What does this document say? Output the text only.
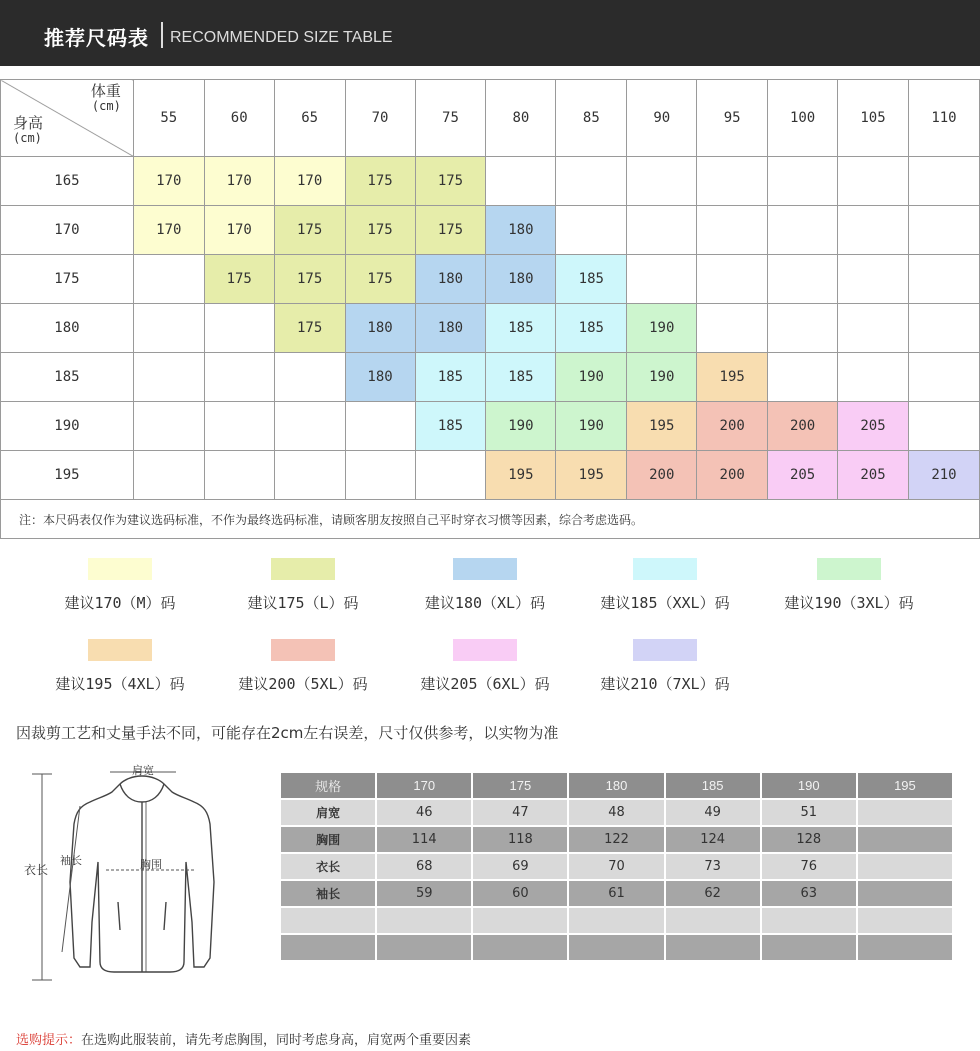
推荐尺码表 RECOMMENDED SIZE TABLE
体重
(cm)
身高
(cm)	55	60	65	70	75	80	85	90	95	100	105	110
165	170	170	170	175	175							
170	170	170	175	175	175	180						
175		175	175	175	180	180	185					
180			175	180	180	185	185	190				
185				180	185	185	190	190	195			
190					185	190	190	195	200	200	205	
195						195	195	200	200	205	205	210
注：本尺码表仅作为建议选码标准，不作为最终选码标准，请顾客朋友按照自己平时穿衣习惯等因素，综合考虑选码。												
建议170（M）码	建议175（L）码	建议180（XL）码	建议185（XXL）码	建议190（3XL）码
建议195（4XL）码	建议200（5XL）码	建议205（6XL）码	建议210（7XL）码
因裁剪工艺和丈量手法不同，可能存在2cm左右误差，尺寸仅供参考，以实物为准
肩宽
衣长
袖长	胸围
规格	170	175	180	185	190	195
肩宽	46	47	48	49	51	
胸围	114	118	122	124	128	
衣长	68	69	70	73	76	
袖长	59	60	61	62	63	

选购提示：在选购此服装前，请先考虑胸围，同时考虑身高，肩宽两个重要因素
